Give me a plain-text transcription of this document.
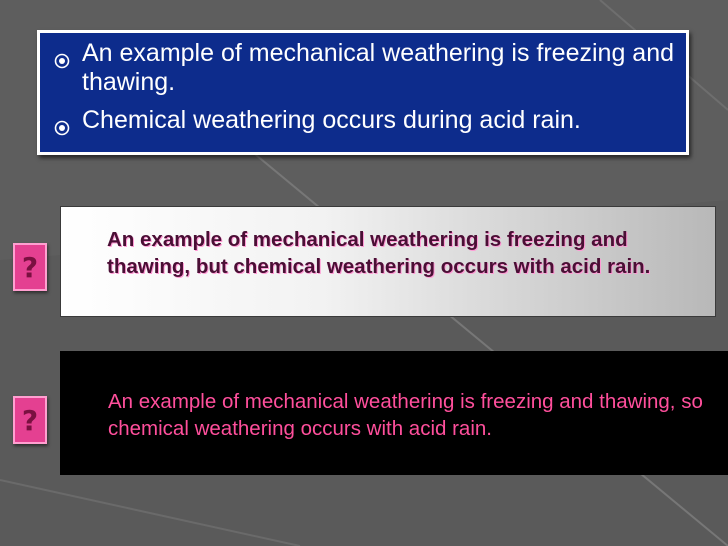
An example of mechanical weathering is freezing and thawing.
Chemical weathering occurs during acid rain.
?
An example of mechanical weathering is freezing and thawing, but chemical weathering occurs with acid rain.
?
An example of mechanical weathering is freezing and thawing, so chemical weathering occurs with acid rain.
